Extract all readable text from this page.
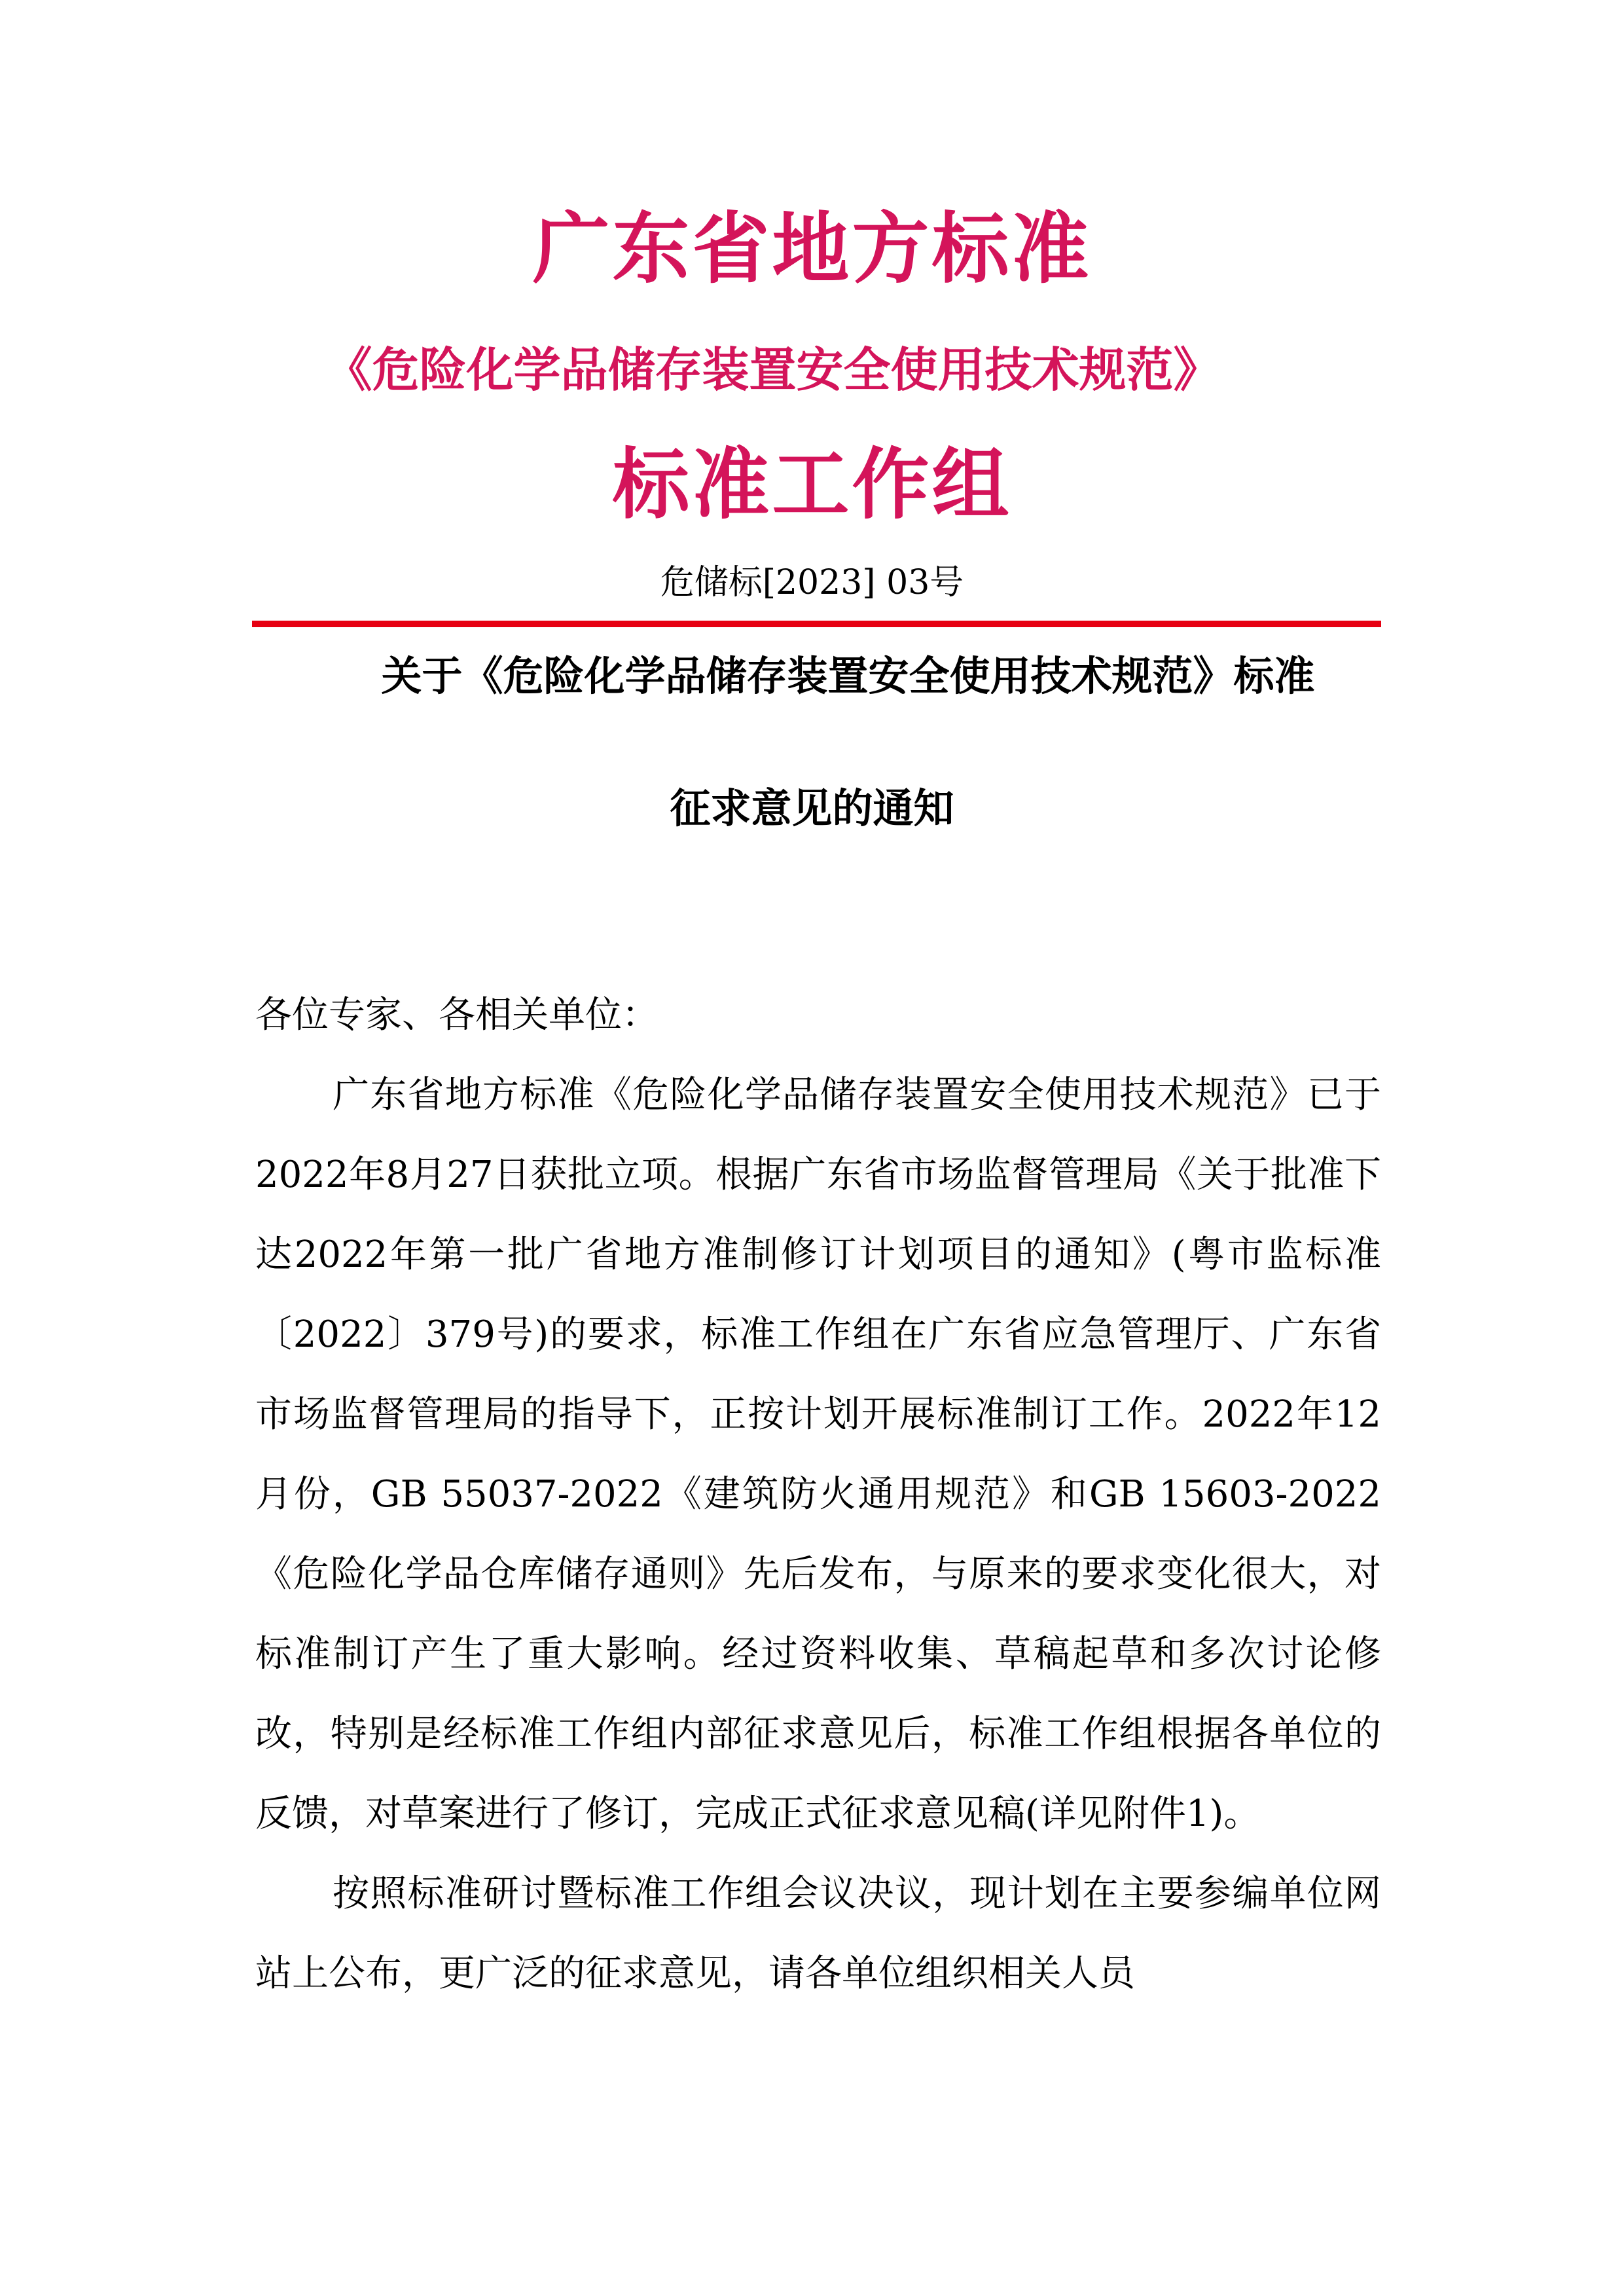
广东省地方标准
《危险化学品储存装置安全使用技术规范》
标准工作组
危储标[2023] 03号
关于《危险化学品储存装置安全使用技术规范》标准
征求意见的通知
各位专家、各相关单位：
广东省地方标准《危险化学品储存装置安全使用技术规范》已于2022年8月27日获批立项。根据广东省市场监督管理局《关于批准下达2022年第一批广省地方准制修订计划项目的通知》(粤市监标准〔2022〕379号)的要求，标准工作组在广东省应急管理厅、广东省市场监督管理局的指导下，正按计划开展标准制订工作。2022年12月份，GB 55037-2022《建筑防火通用规范》和GB 15603-2022《危险化学品仓库储存通则》先后发布，与原来的要求变化很大，对标准制订产生了重大影响。经过资料收集、草稿起草和多次讨论修改，特别是经标准工作组内部征求意见后，标准工作组根据各单位的反馈，对草案进行了修订，完成正式征求意见稿(详见附件1)。
按照标准研讨暨标准工作组会议决议，现计划在主要参编单位网站上公布，更广泛的征求意见，请各单位组织相关人员
